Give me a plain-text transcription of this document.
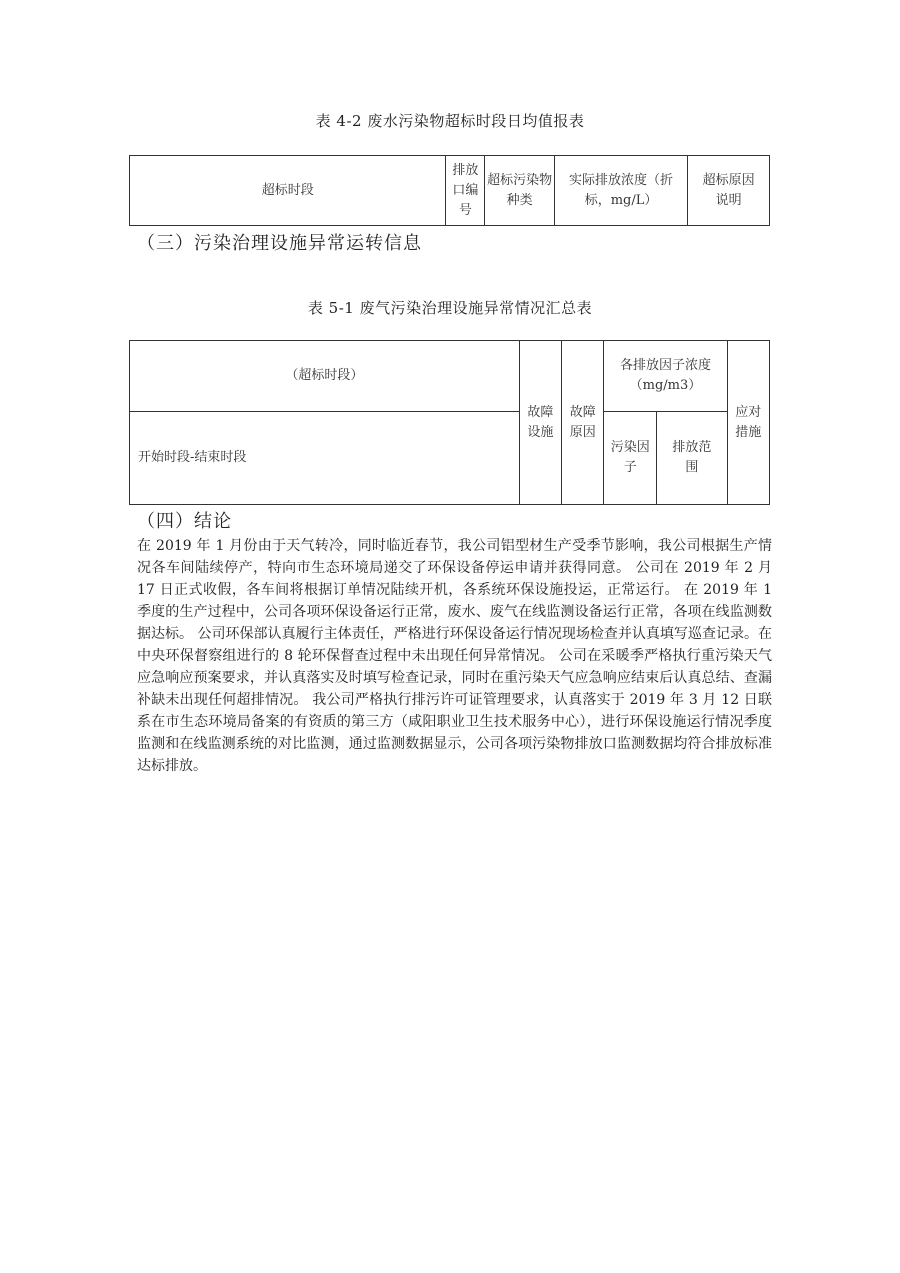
表 4-2 废水污染物超标时段日均值报表
超标时段	排放口编号	超标污染物种类	实际排放浓度（折标，mg/L）	超标原因说明
（三）污染治理设施异常运转信息
表 5-1 废气污染治理设施异常情况汇总表
（超标时段）	故障设施	故障原因	各排放因子浓度（mg/m3）		应对措施
开始时段-结束时段			污染因子	排放范围	
（四）结论

在 2019 年 1 月份由于天气转冷，同时临近春节，我公司铝型材生产受季节影响，我公司根据生产情况各车间陆续停产，特向市生态环境局递交了环保设备停运申请并获得同意。 公司在 2019 年 2 月 17 日正式收假，各车间将根据订单情况陆续开机，各系统环保设施投运，正常运行。 在 2019 年 1 季度的生产过程中，公司各项环保设备运行正常，废水、废气在线监测设备运行正常，各项在线监测数据达标。 公司环保部认真履行主体责任，严格进行环保设备运行情况现场检查并认真填写巡查记录。在中央环保督察组进行的 8 轮环保督查过程中未出现任何异常情况。 公司在采暖季严格执行重污染天气应急响应预案要求，并认真落实及时填写检查记录，同时在重污染天气应急响应结束后认真总结、查漏补缺未出现任何超排情况。 我公司严格执行排污许可证管理要求，认真落实于 2019 年 3 月 12 日联系在市生态环境局备案的有资质的第三方（咸阳职业卫生技术服务中心），进行环保设施运行情况季度监测和在线监测系统的对比监测，通过监测数据显示，公司各项污染物排放口监测数据均符合排放标准达标排放。
